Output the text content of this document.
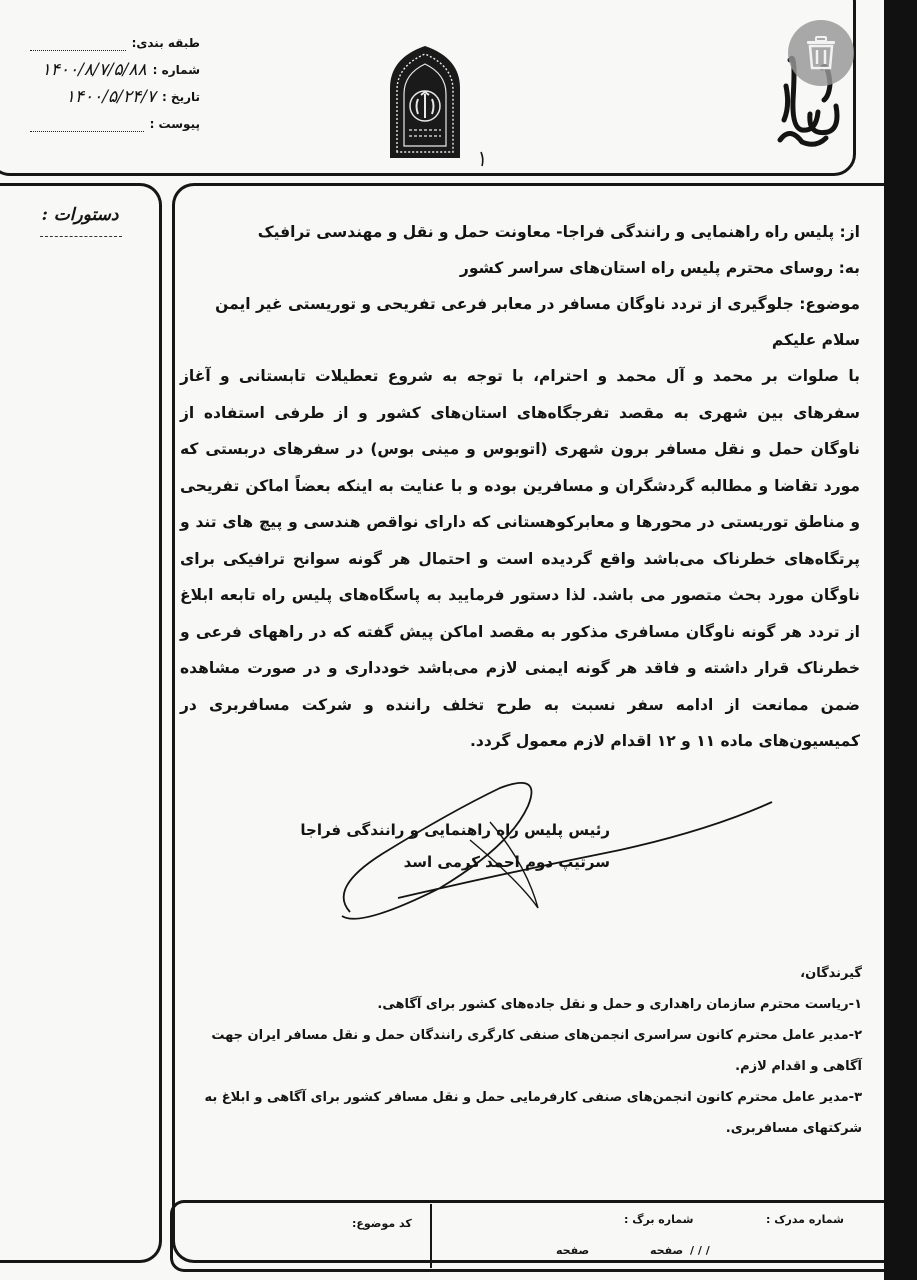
طبقه بندی:
شماره :
۱۴۰۰/۸/۷/۵/۸۸
تاریخ :
۱۴۰۰/۵/۲۴/۷
پیوست :
دستورات :

از: پلیس راه راهنمایی و رانندگی فراجا- معاونت حمل و نقل و مهندسی ترافیک

به: روسای محترم پلیس راه استان‌های سراسر کشور

موضوع: جلوگیری از تردد ناوگان مسافر در معابر فرعی تفریحی و توریستی غیر ایمن

سلام علیکم

با صلوات بر محمد و آل محمد و احترام، با توجه به شروع تعطیلات تابستانی و آغاز سفرهای بین شهری به مقصد تفرجگاه‌های استان‌های کشور و از طرفی استفاده از ناوگان حمل و نقل مسافر برون شهری (اتوبوس و مینی بوس) در سفرهای دربستی که مورد تقاضا و مطالبه گردشگران و مسافرین بوده و با عنایت به اینکه بعضاً اماکن تفریحی و مناطق توریستی در محورها و معابرکوهستانی که دارای نواقص هندسی و پیچ های تند و پرتگاه‌های خطرناک می‌باشد واقع گردیده است و احتمال هر گونه سوانح ترافیکی برای ناوگان مورد بحث متصور می باشد. لذا دستور فرمایید به پاسگاه‌های پلیس راه تابعه ابلاغ از تردد هر گونه ناوگان مسافری مذکور به مقصد اماکن پیش گفته که در راههای فرعی و خطرناک قرار داشته و فاقد هر گونه ایمنی لازم می‌باشد خودداری و در صورت مشاهده ضمن ممانعت از ادامه سفر نسبت به طرح تخلف راننده و شرکت مسافربری در کمیسیون‌های ماده ۱۱ و ۱۲ اقدام لازم معمول گردد.

رئیس پلیس راه راهنمایی و رانندگی فراجا
سرتیپ دوم احمد کرمی اسد

گیرندگان،

۱-ریاست محترم سازمان راهداری و حمل و نقل جاده‌های کشور برای آگاهی.

۲-مدیر عامل محترم کانون سراسری انجمن‌های صنفی کارگری رانندگان حمل و نقل مسافر ایران جهت آگاهی و اقدام لازم.

۳-مدیر عامل محترم کانون انجمن‌های صنفی کارفرمایی حمل و نقل مسافر کشور برای آگاهی و ابلاغ به شرکتهای مسافربری.

شماره مدرک :
شماره برگ :
کد موضوع:
/ / /
صفحه
صفحه
